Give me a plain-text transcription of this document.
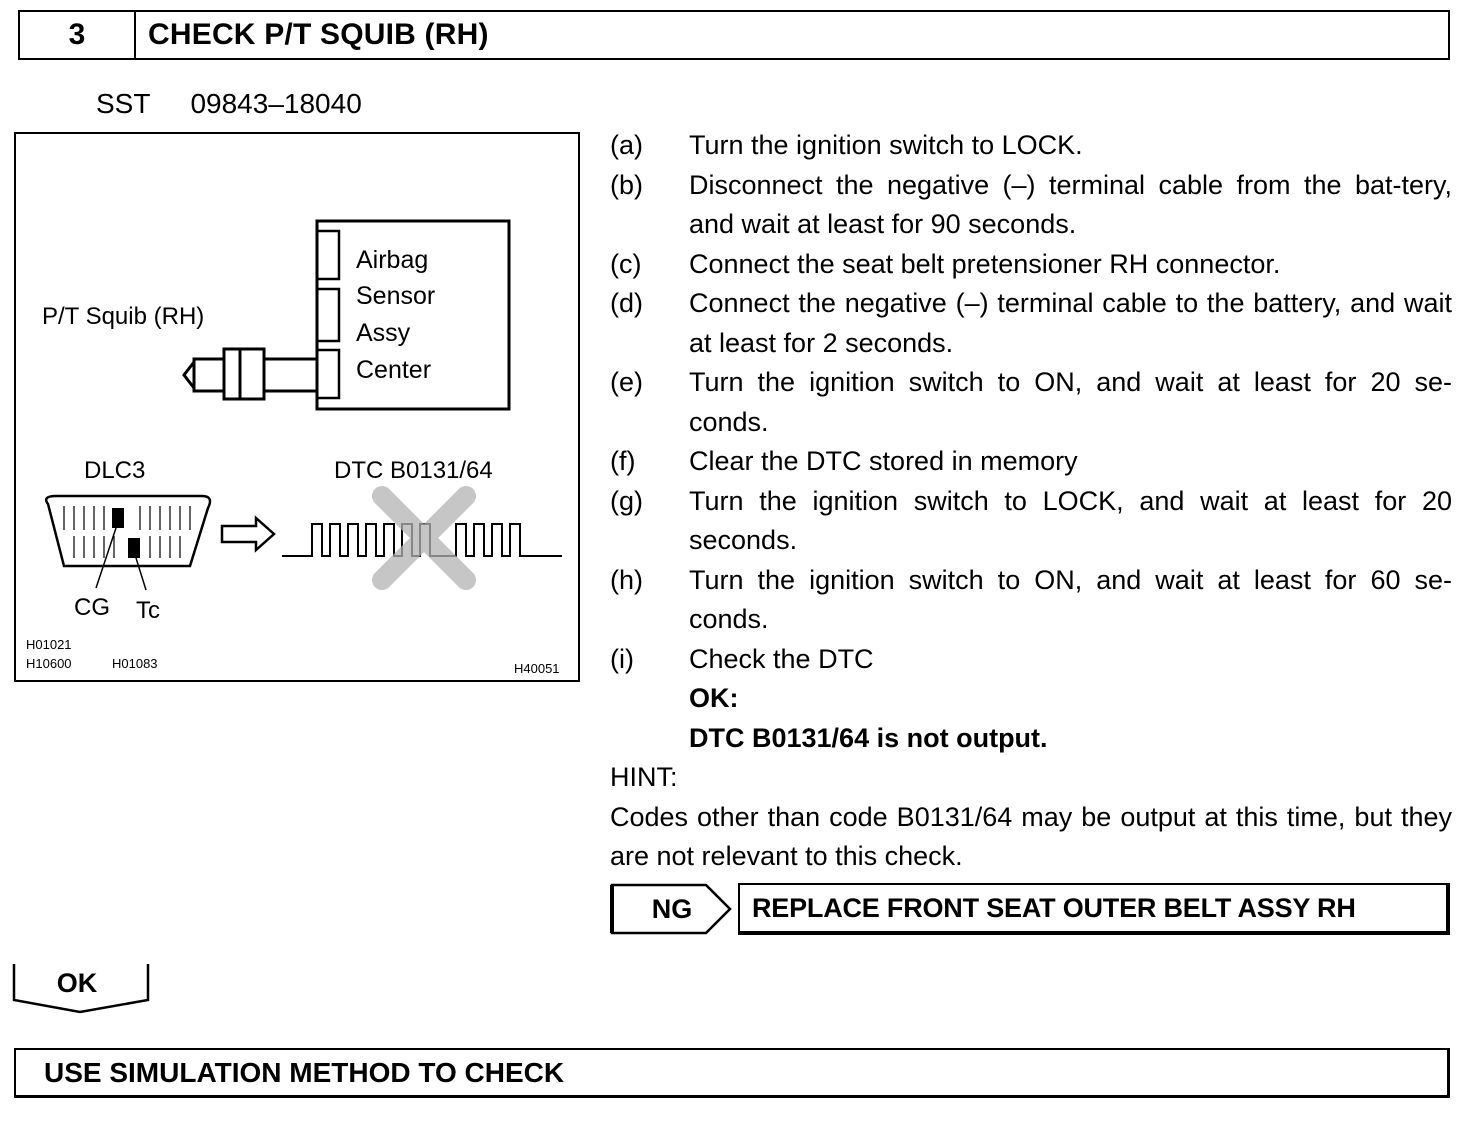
3	CHECK P/T SQUIB (RH)
SST 09843–18040
Airbag
Sensor
Assy
Center
P/T Squib (RH)
DLC3	DTC B0131/64
CG Tc
H01021
H10600	H01083	H40051
(a)	Turn the ignition switch to LOCK.
(b)	Disconnect the negative (–) terminal cable from the bat-tery, and wait at least for 90 seconds.
(c)	Connect the seat belt pretensioner RH connector.
(d)	Connect the negative (–) terminal cable to the battery, and wait at least for 2 seconds.
(e)	Turn the ignition switch to ON, and wait at least for 20 se-conds.
(f)	Clear the DTC stored in memory
(g)	Turn the ignition switch to LOCK, and wait at least for 20 seconds.
(h)	Turn the ignition switch to ON, and wait at least for 60 se-conds.
(i)	Check the DTC
OK:
DTC B0131/64 is not output.
HINT:
Codes other than code B0131/64 may be output at this time, but they are not relevant to this check.
NG	REPLACE FRONT SEAT OUTER BELT ASSY RH
OK
USE SIMULATION METHOD TO CHECK
